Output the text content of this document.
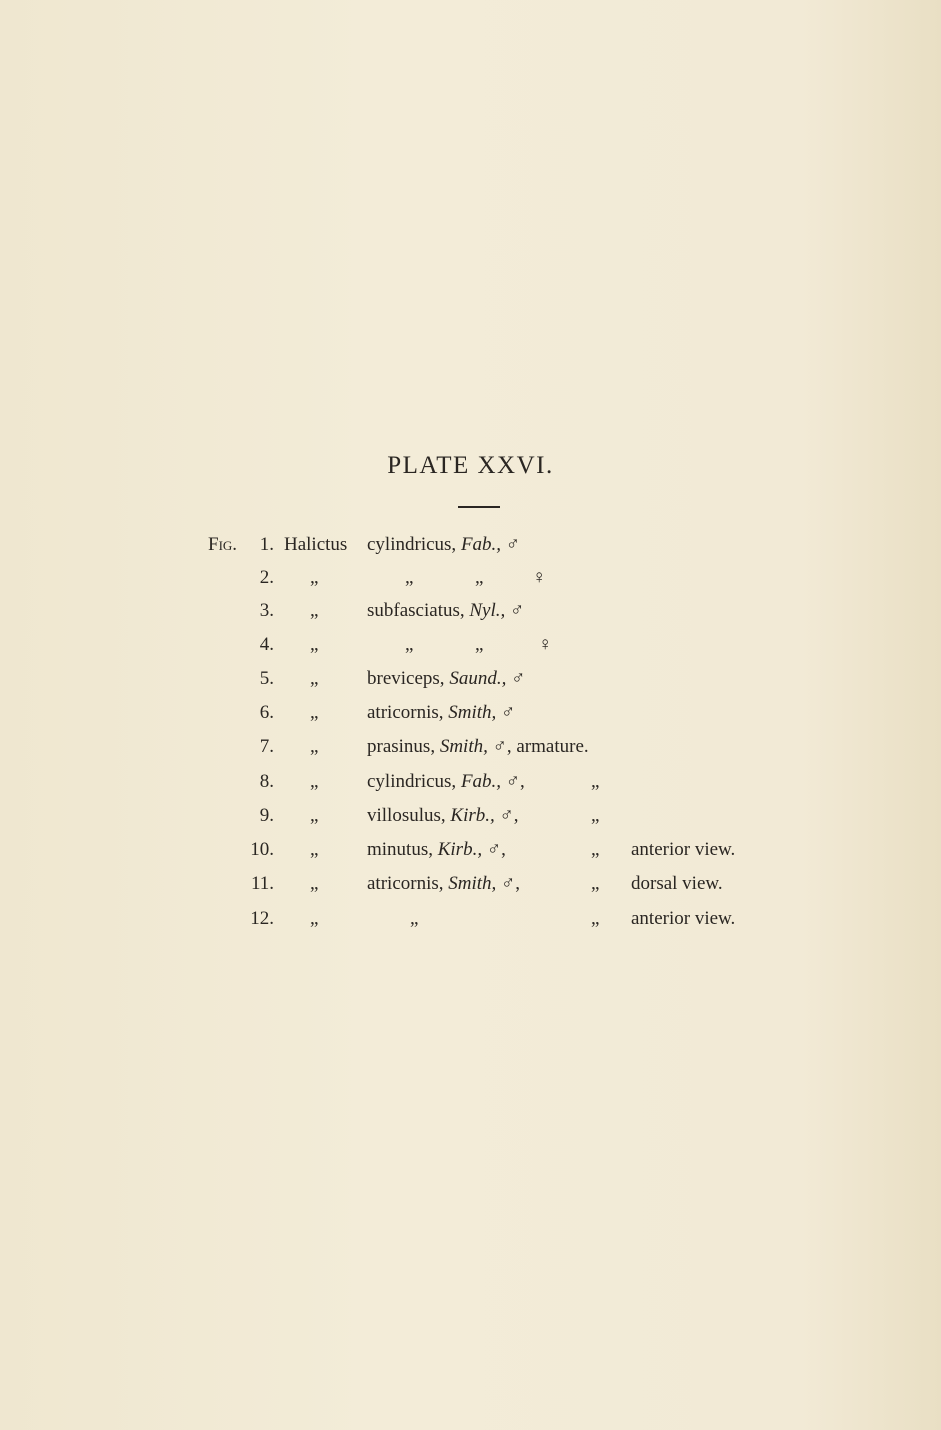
PLATE XXVI.
Fig.	1. Halictus cylindricus, Fab., ♂
2. „	„	„	♀
3. „	subfasciatus, Nyl., ♂
4. „	„	„	♀
5. „	breviceps, Saund., ♂
6. „	atricornis, Smith, ♂
7. „	prasinus, Smith, ♂, armature.
8. „	cylindricus, Fab., ♂,	„
9. „	villosulus, Kirb., ♂,	„
10. „	minutus, Kirb., ♂,	„ anterior view.
11. „	atricornis, Smith, ♂,	„ dorsal view.
12. „	„	„ anterior view.
